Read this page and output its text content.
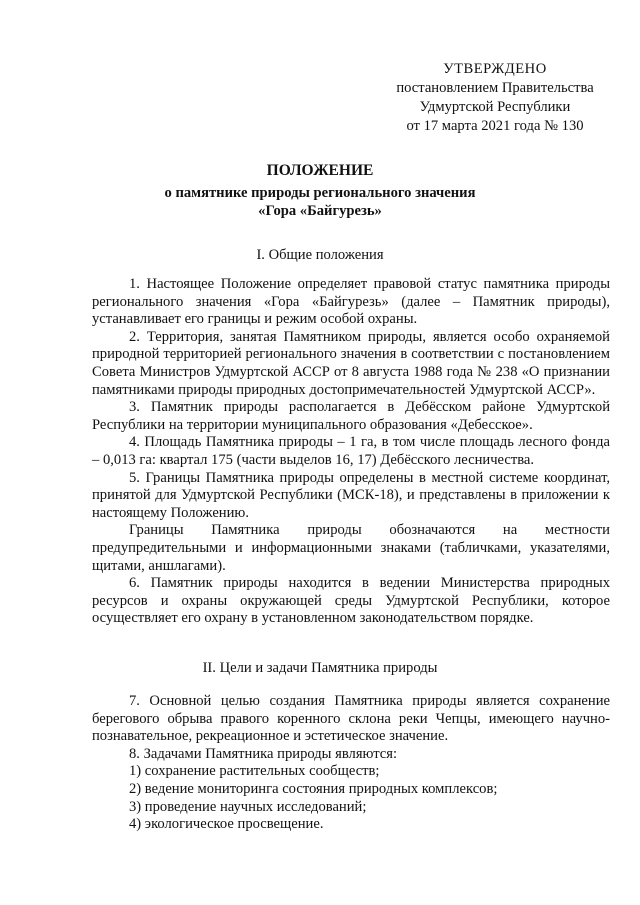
УТВЕРЖДЕНО
постановлением Правительства
Удмуртской Республики
от 17 марта 2021 года № 130
ПОЛОЖЕНИЕ
о памятнике природы регионального значения
«Гора «Байгурезь»
I. Общие положения

1. Настоящее Положение определяет правовой статус памятника природы регионального значения «Гора «Байгурезь» (далее – Памятник природы), устанавливает его границы и режим особой охраны.

2. Территория, занятая Памятником природы, является особо охраняемой природной территорией регионального значения в соответствии с постановлением Совета Министров Удмуртской АССР от 8 августа 1988 года № 238 «О признании памятниками природы природных достопримечательностей Удмуртской АССР».

3. Памятник природы располагается в Дебёсском районе Удмуртской Республики на территории муниципального образования «Дебесское».

4. Площадь Памятника природы – 1 га, в том числе площадь лесного фонда – 0,013 га: квартал 175 (части выделов 16, 17) Дебёсского лесничества.

5. Границы Памятника природы определены в местной системе координат, принятой для Удмуртской Республики (МСК-18), и представлены в приложении к настоящему Положению.

Границы Памятника природы обозначаются на местности предупредительными и информационными знаками (табличками, указателями, щитами, аншлагами).

6. Памятник природы находится в ведении Министерства природных ресурсов и охраны окружающей среды Удмуртской Республики, которое осуществляет его охрану в установленном законодательством порядке.

II. Цели и задачи Памятника природы

7. Основной целью создания Памятника природы является сохранение берегового обрыва правого коренного склона реки Чепцы, имеющего научно-познавательное, рекреационное и эстетическое значение.

8. Задачами Памятника природы являются:

1) сохранение растительных сообществ;

2) ведение мониторинга состояния природных комплексов;

3) проведение научных исследований;

4) экологическое просвещение.
